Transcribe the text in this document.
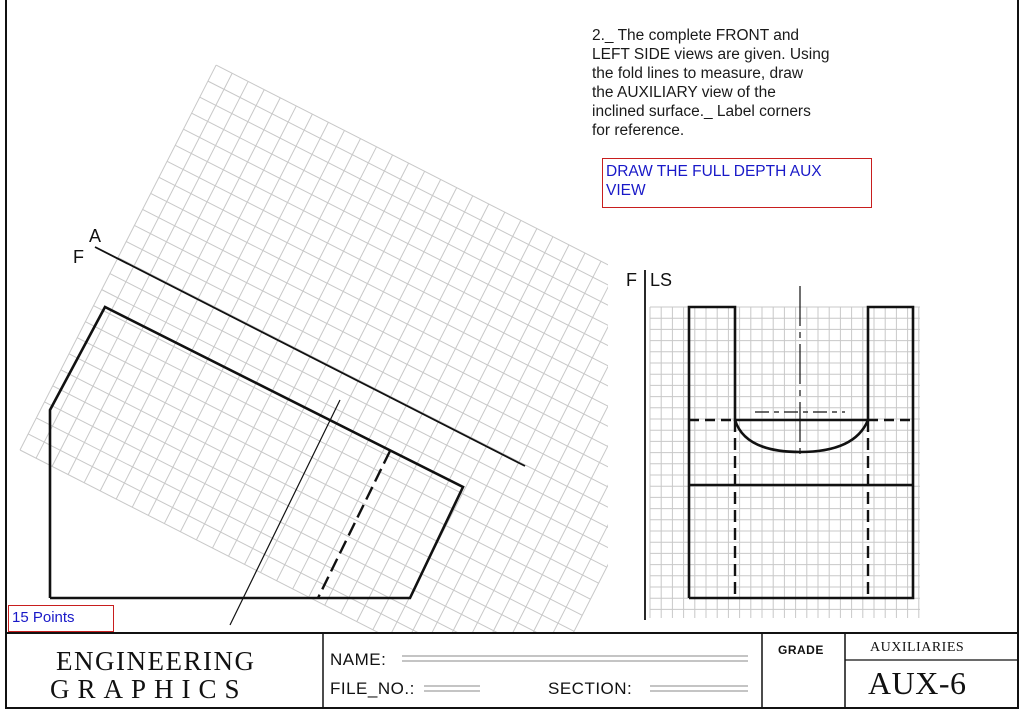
2._ The complete FRONT and
LEFT SIDE views are given. Using
the fold lines to measure, draw
the AUXILIARY view of the
inclined surface._ Label corners
for reference.
DRAW THE FULL DEPTH AUX
VIEW
15 Points
A
F
F LS
ENGINEERING
GRAPHICS
NAME:
FILE_NO.:	SECTION:
GRADE	AUXILIARIES
AUX-6
